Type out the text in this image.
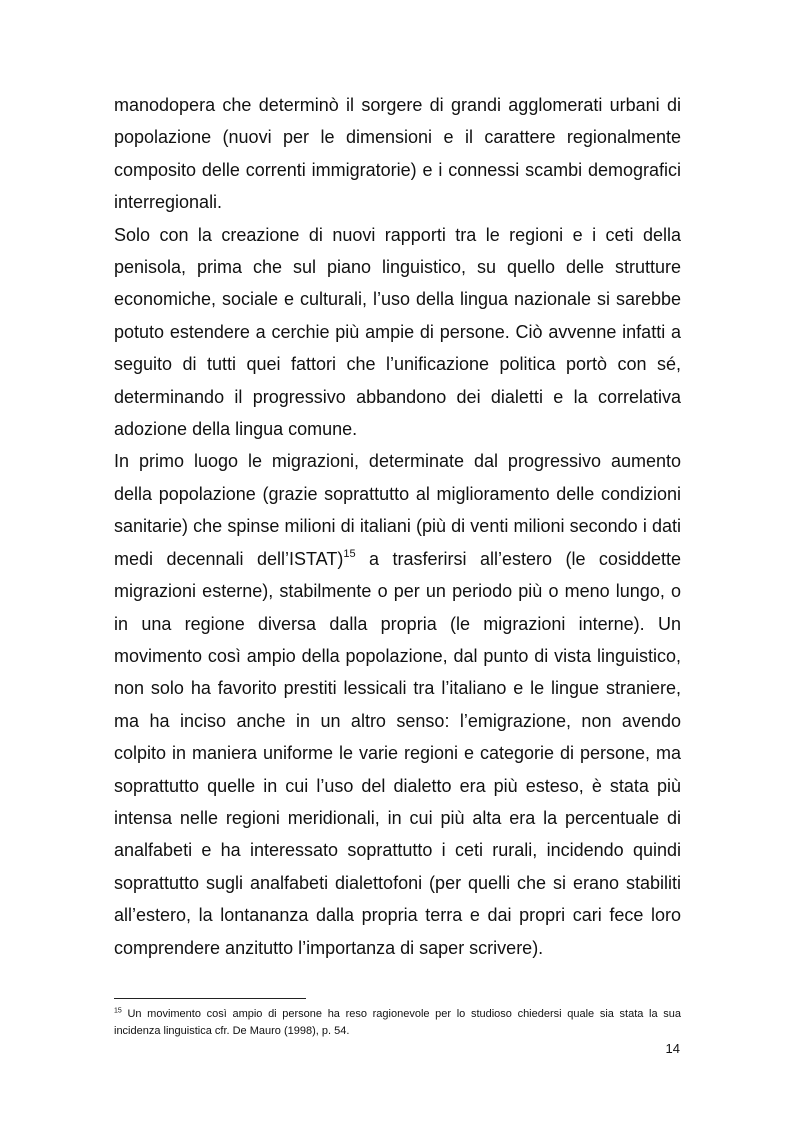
manodopera che determinò il sorgere di grandi agglomerati urbani di popolazione (nuovi per le dimensioni e il carattere regionalmente composito delle correnti immigratorie) e i connessi scambi demografici interregionali.

Solo con la creazione di nuovi rapporti tra le regioni e i ceti della penisola, prima che sul piano linguistico, su quello delle strutture economiche, sociale e culturali, l’uso della lingua nazionale si sarebbe potuto estendere a cerchie più ampie di persone. Ciò avvenne infatti a seguito di tutti quei fattori che l’unificazione politica portò con sé, determinando il progressivo abbandono dei dialetti e la correlativa adozione della lingua comune.

In primo luogo le migrazioni, determinate dal progressivo aumento della popolazione (grazie soprattutto al miglioramento delle condizioni sanitarie) che spinse milioni di italiani (più di venti milioni secondo i dati medi decennali dell’ISTAT)$^{15}$ a trasferirsi all’estero (le cosiddette migrazioni esterne), stabilmente o per un periodo più o meno lungo, o in una regione diversa dalla propria (le migrazioni interne). Un movimento così ampio della popolazione, dal punto di vista linguistico, non solo ha favorito prestiti lessicali tra l’italiano e le lingue straniere, ma ha inciso anche in un altro senso: l’emigrazione, non avendo colpito in maniera uniforme le varie regioni e categorie di persone, ma soprattutto quelle in cui l’uso del dialetto era più esteso, è stata più intensa nelle regioni meridionali, in cui più alta era la percentuale di analfabeti e ha interessato soprattutto i ceti rurali, incidendo quindi soprattutto sugli analfabeti dialettofoni (per quelli che si erano stabiliti all’estero, la lontananza dalla propria terra e dai propri cari fece loro comprendere anzitutto l’importanza di saper scrivere).

$^{15}$ Un movimento così ampio di persone ha reso ragionevole per lo studioso chiedersi quale sia stata la sua incidenza linguistica cfr. De Mauro (1998), p. 54.

14
